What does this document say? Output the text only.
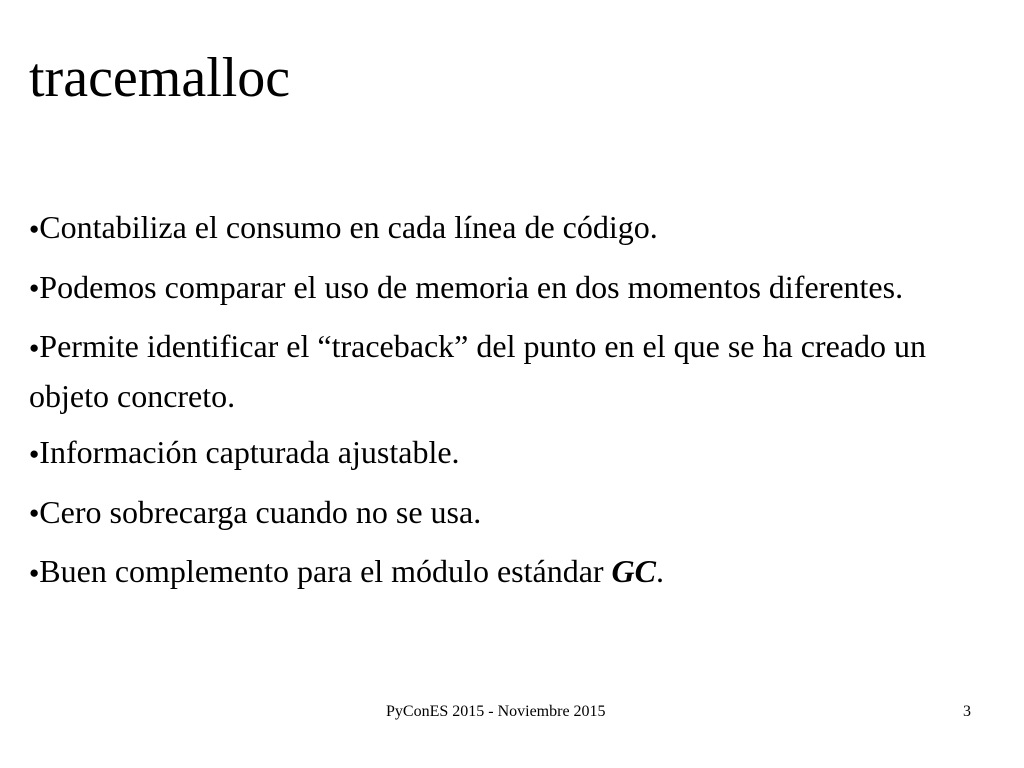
tracemalloc
●Contabiliza el consumo en cada línea de código.
●Podemos comparar el uso de memoria en dos momentos diferentes.
●Permite identificar el “traceback” del punto en el que se ha creado un objeto concreto.
●Información capturada ajustable.
●Cero sobrecarga cuando no se usa.
●Buen complemento para el módulo estándar GC.
PyConES 2015 - Noviembre 2015	3
